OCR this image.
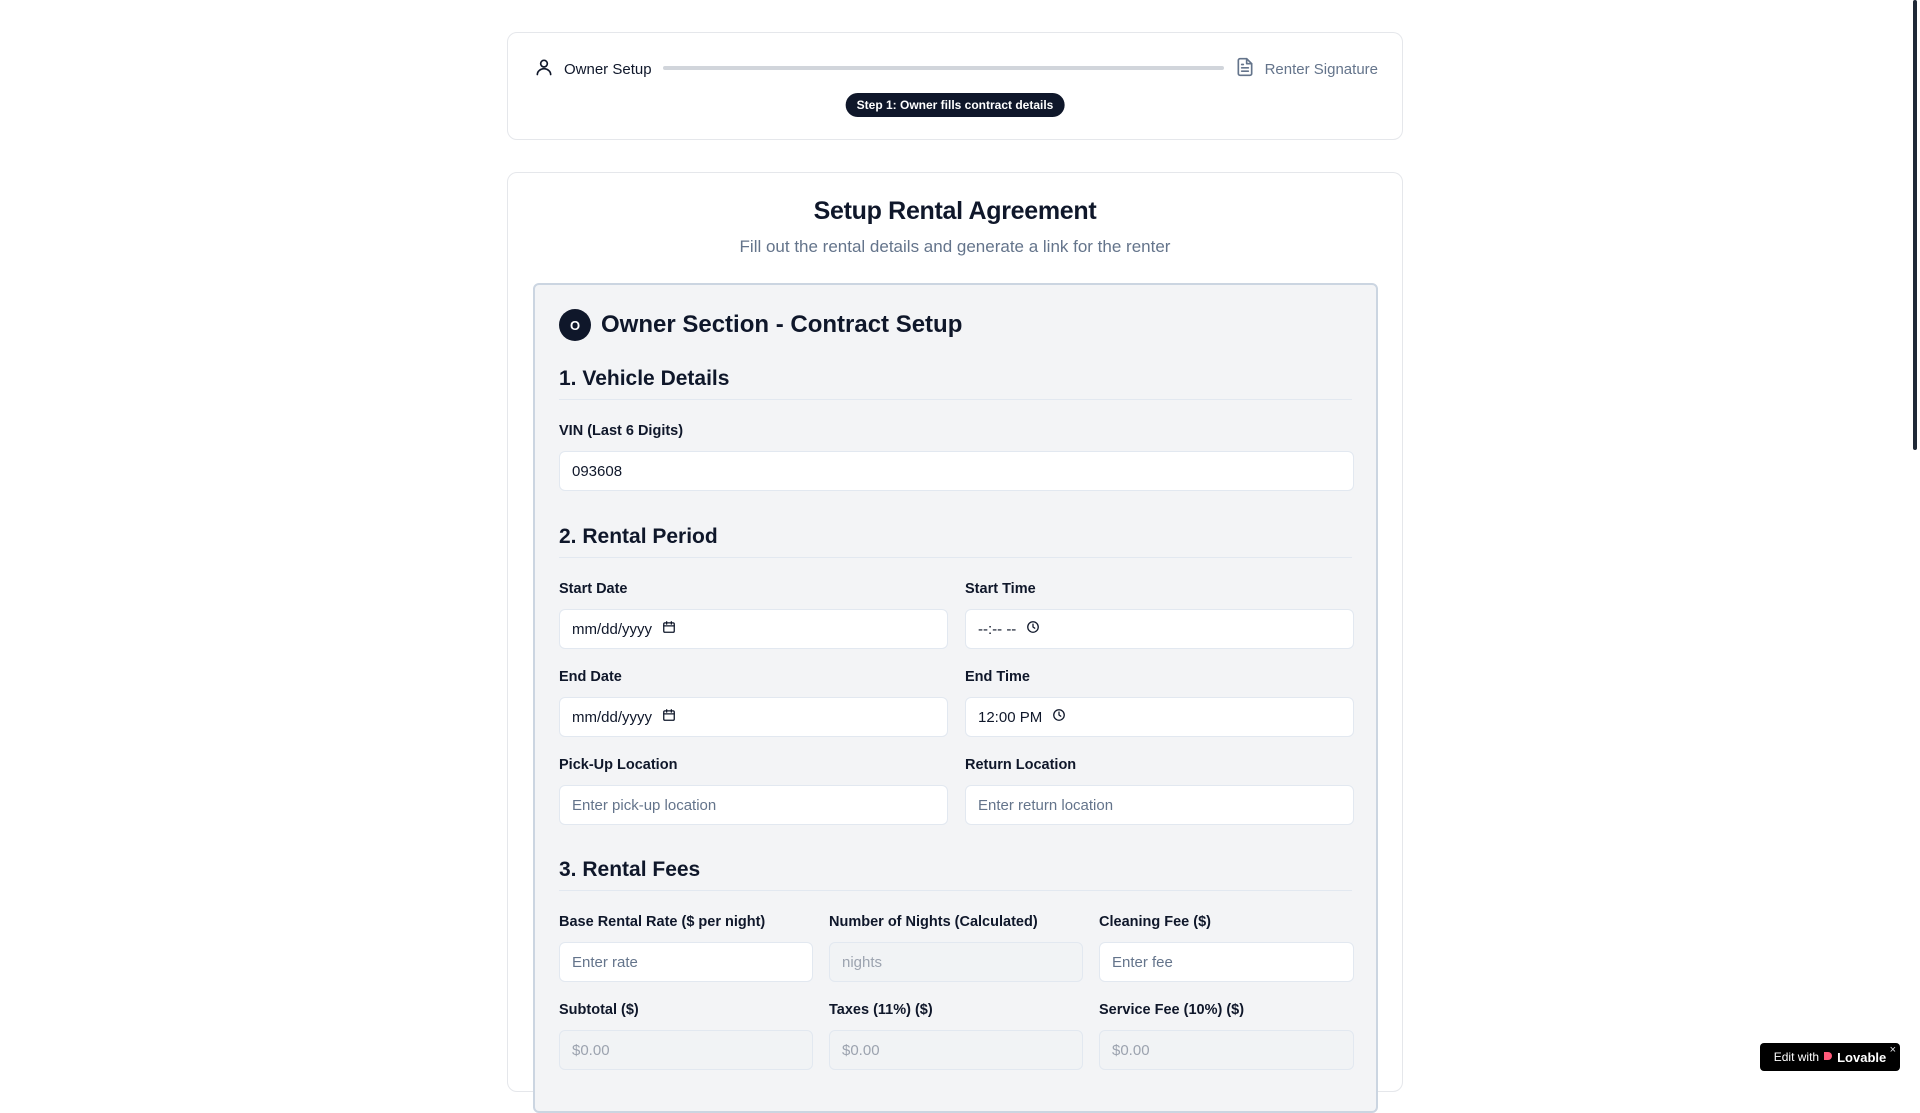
Owner Setup	Renter Signature
Step 1: Owner fills contract details
Setup Rental Agreement
Fill out the rental details and generate a link for the renter
O Owner Section - Contract Setup
1. Vehicle Details
VIN (Last 6 Digits)
093608
2. Rental Period
Start Date
mm/dd/yyyy
Start Time
--:-- --
End Date
mm/dd/yyyy
End Time
12:00 PM
Pick-Up Location
Enter pick-up location	Return Location
Enter return location
3. Rental Fees
Base Rental Rate ($ per night)
Enter rate	Number of Nights (Calculated)
nights	Cleaning Fee ($)
Enter fee
Subtotal ($)
$0.00	Taxes (11%) ($)
$0.00	Service Fee (10%) ($)
$0.00
Edit with Lovable ×
